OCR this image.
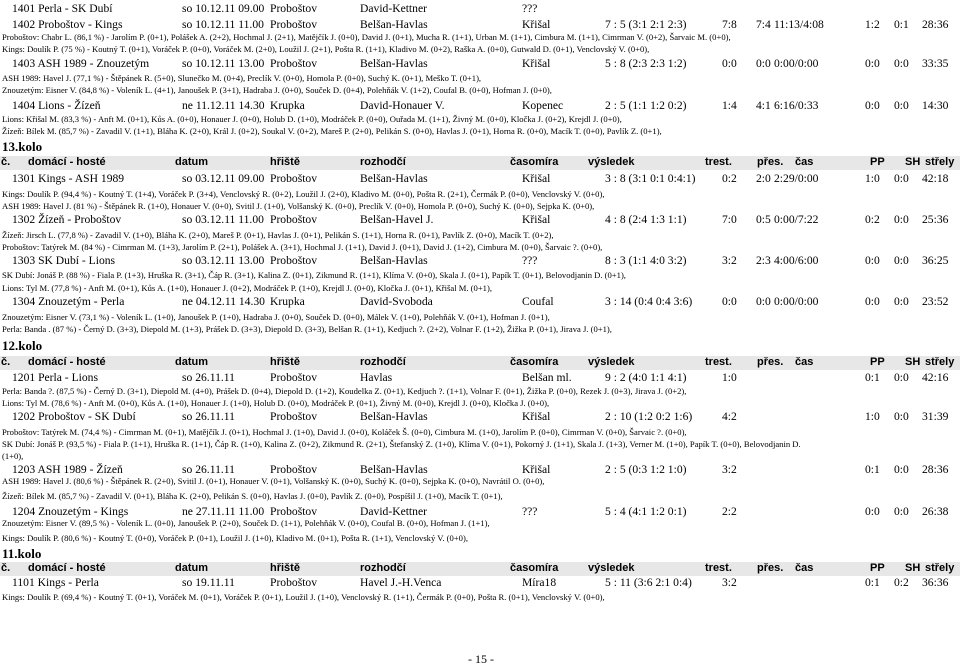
1401 Perla - SK Dubí	so 10.12.11 09.00 Proboštov	David-Kettner	???
1402 Proboštov - Kings	so 10.12.11 11.00 Proboštov	Belšan-Havlas	Křišal	7 : 5 (3:1 2:1 2:3)	7:8 7:4 11:13/4:08	1:2 0:1 28:36
Proboštov: Chabr L. (86,1 %) - Jarolím P. (0+1), Polášek A. (2+2), Hochmal J. (2+1), Matějčík J. (0+0), David J. (0+1), Mucha R. (1+1), Urban M. (1+1), Cimbura M. (1+1), Cimrman V. (0+2), Šarvaic M. (0+0),
Kings: Doulík P. (75 %) - Koutný T. (0+1), Voráček P. (0+0), Voráček M. (2+0), Loužil J. (2+1), Pošta R. (1+1), Kladivo M. (0+2), Raška A. (0+0), Gutwald D. (0+1), Venclovský V. (0+0),
1403 ASH 1989 - Znouzetým	so 10.12.11 13.00 Proboštov	Belšan-Havlas	Křišal	5 : 8 (2:3 2:3 1:2)	0:0 0:0 0:00/0:00	0:0 0:0 33:35
ASH 1989: Havel J. (77,1 %) - Štěpánek R. (5+0), Slunečko M. (0+4), Preclík V. (0+0), Homola P. (0+0), Suchý K. (0+1), Meško T. (0+1),
Znouzetým: Eisner V. (84,8 %) - Voleník L. (4+1), Janoušek P. (3+1), Hadraba J. (0+0), Souček D. (0+4), Polehňák V. (1+2), Coufal B. (0+0), Hofman J. (0+0),
1404 Lions - Žízeň	ne 11.12.11 14.30 Krupka	David-Honauer V.	Kopenec	2 : 5 (1:1 1:2 0:2)	1:4 4:1 6:16/0:33	0:0 0:0 14:30
Lions: Křišal M. (83,3 %) - Anft M. (0+1), Kůs A. (0+0), Honauer J. (0+0), Holub D. (1+0), Modráček P. (0+0), Ouřada M. (1+1), Živný M. (0+0), Kločka J. (0+2), Krejdl J. (0+0),
Žízeň: Bílek M. (85,7 %) - Zavadil V. (1+1), Bláha K. (2+0), Král J. (0+2), Soukal V. (0+2), Mareš P. (2+0), Pelikán S. (0+0), Havlas J. (0+1), Horna R. (0+0), Macík T. (0+0), Pavlík Z. (0+1),
13.kolo
č. domácí - hosté	datum	hřiště	rozhodčí	časomíra	výsledek	trest. přes. čas	PP SH střely
1301 Kings - ASH 1989	so 03.12.11 09.00 Proboštov	Belšan-Havlas	Křišal	3 : 8 (3:1 0:1 0:4:1) 0:2 2:0 2:29/0:00	1:0 0:0 42:18
Kings: Doulík P. (94,4 %) - Koutný T. (1+4), Voráček P. (3+4), Venclovský R. (0+2), Loužil J. (2+0), Kladivo M. (0+0), Pošta R. (2+1), Čermák P. (0+0), Venclovský V. (0+0),
ASH 1989: Havel J. (81 %) - Štěpánek R. (1+0), Honauer V. (0+0), Svitil J. (1+0), Volšanský K. (0+0), Preclík V. (0+0), Homola P. (0+0), Suchý K. (0+0), Sejpka K. (0+0),
1302 Žízeň - Proboštov	so 03.12.11 11.00 Proboštov	Belšan-Havel J.	Křišal	4 : 8 (2:4 1:3 1:1)	7:0 0:5 0:00/7:22	0:2 0:0 25:36
Žízeň: Jirsch L. (77,8 %) - Zavadil V. (1+0), Bláha K. (2+0), Mareš P. (0+1), Havlas J. (0+1), Pelikán S. (1+1), Horna R. (0+1), Pavlík Z. (0+0), Macík T. (0+2),
Proboštov: Tatýrek M. (84 %) - Cimrman M. (1+3), Jarolím P. (2+1), Polášek A. (3+1), Hochmal J. (1+1), David J. (0+1), David J. (1+2), Cimbura M. (0+0), Šarvaic ?. (0+0),
1303 SK Dubí - Lions	so 03.12.11 13.00 Proboštov	Belšan-Havlas	???	8 : 3 (1:1 4:0 3:2)	3:2 2:3 4:00/6:00	0:0 0:0 36:25
SK Dubí: Jonáš P. (88 %) - Fiala P. (1+3), Hruška R. (3+1), Čáp R. (3+1), Kalina Z. (0+1), Zikmund R. (1+1), Klíma V. (0+0), Skala J. (0+1), Papík T. (0+1), Belovodjanin D. (0+1),
Lions: Tyl M. (77,8 %) - Anft M. (0+1), Kůs A. (1+0), Honauer J. (0+2), Modráček P. (1+0), Krejdl J. (0+0), Kločka J. (0+1), Křišal M. (0+1),
1304 Znouzetým - Perla	ne 04.12.11 14.30 Krupka	David-Svoboda	Coufal	3 : 14 (0:4 0:4 3:6)	0:0 0:0 0:00/0:00	0:0 0:0 23:52
Znouzetým: Eisner V. (73,1 %) - Voleník L. (1+0), Janoušek P. (1+0), Hadraba J. (0+0), Souček D. (0+0), Málek V. (1+0), Polehňák V. (0+1), Hofman J. (0+1),
Perla: Banda . (87 %) - Černý D. (3+3), Diepold M. (1+3), Prášek D. (3+3), Diepold D. (3+3), Belšan R. (1+1), Kedjuch ?. (2+2), Volnar F. (1+2), Žižka P. (0+1), Jirava J. (0+1),
12.kolo
č. domácí - hosté	datum	hřiště	rozhodčí	časomíra	výsledek	trest. přes. čas	PP SH střely
1201 Perla - Lions	so 26.11.11	Proboštov	Havlas	Belšan ml.	9 : 2 (4:0 1:1 4:1)	1:0	0:1 0:0 42:16
Perla: Banda ?. (87,5 %) - Černý D. (3+1), Diepold M. (4+0), Prášek D. (0+4), Diepold D. (1+2), Koudelka Z. (0+1), Kedjuch ?. (1+1), Volnar F. (0+1), Žižka P. (0+0), Rezek J. (0+3), Jirava J. (0+2),
Lions: Tyl M. (78,6 %) - Anft M. (0+0), Kůs A. (1+0), Honauer J. (1+0), Holub D. (0+0), Modráček P. (0+1), Živný M. (0+0), Krejdl J. (0+0), Kločka J. (0+0),
1202 Proboštov - SK Dubí	so 26.11.11	Proboštov	Belšan-Havlas	Křišal	2 : 10 (1:2 0:2 1:6)	4:2	1:0 0:0 31:39
Proboštov: Tatýrek M. (74,4 %) - Cimrman M. (0+1), Matějčík J. (0+1), Hochmal J. (1+0), David J. (0+0), Koláček Š. (0+0), Cimbura M. (1+0), Jarolím P. (0+0), Cimrman V. (0+0), Šarvaic ?. (0+0),
SK Dubí: Jonáš P. (93,5 %) - Fiala P. (1+1), Hruška R. (1+1), Čáp R. (1+0), Kalina Z. (0+2), Zikmund R. (2+1), Štefanský Z. (1+0), Klíma V. (0+1), Pokorný J. (1+1), Skala J. (1+3), Verner M. (1+0), Papík T. (0+0), Belovodjanin D.
(1+0),
1203 ASH 1989 - Žízeň	so 26.11.11	Proboštov	Belšan-Havlas	Křišal	2 : 5 (0:3 1:2 1:0)	3:2	0:1 0:0 28:36
ASH 1989: Havel J. (80,6 %) - Štěpánek R. (2+0), Svitil J. (0+1), Honauer V. (0+1), Volšanský K. (0+0), Suchý K. (0+0), Sejpka K. (0+0), Navrátil O. (0+0),
Žízeň: Bílek M. (85,7 %) - Zavadil V. (0+1), Bláha K. (2+0), Pelikán S. (0+0), Havlas J. (0+0), Pavlík Z. (0+0), Pospíšil J. (1+0), Macík T. (0+1),
1204 Znouzetým - Kings	ne 27.11.11 11.00 Proboštov	David-Kettner	???	5 : 4 (4:1 1:2 0:1)	2:2	0:0 0:0 26:38
Znouzetým: Eisner V. (89,5 %) - Voleník L. (0+0), Janoušek P. (2+0), Souček D. (1+1), Polehňák V. (0+0), Coufal B. (0+0), Hofman J. (1+1),
Kings: Doulík P. (80,6 %) - Koutný T. (0+0), Voráček P. (0+1), Loužil J. (1+0), Kladivo M. (0+1), Pošta R. (1+1), Venclovský V. (0+0),
11.kolo
č. domácí - hosté	datum	hřiště	rozhodčí	časomíra	výsledek	trest. přes. čas	PP SH střely
1101 Kings - Perla	so 19.11.11	Proboštov	Havel J.-H.Venca	Míra18	5 : 11 (3:6 2:1 0:4)	3:2	0:1 0:2 36:36
Kings: Doulík P. (69,4 %) - Koutný T. (0+1), Voráček M. (0+1), Voráček P. (0+1), Loužil J. (1+0), Venclovský R. (1+1), Čermák P. (0+0), Pošta R. (0+1), Venclovský V. (0+0),
- 15 -
